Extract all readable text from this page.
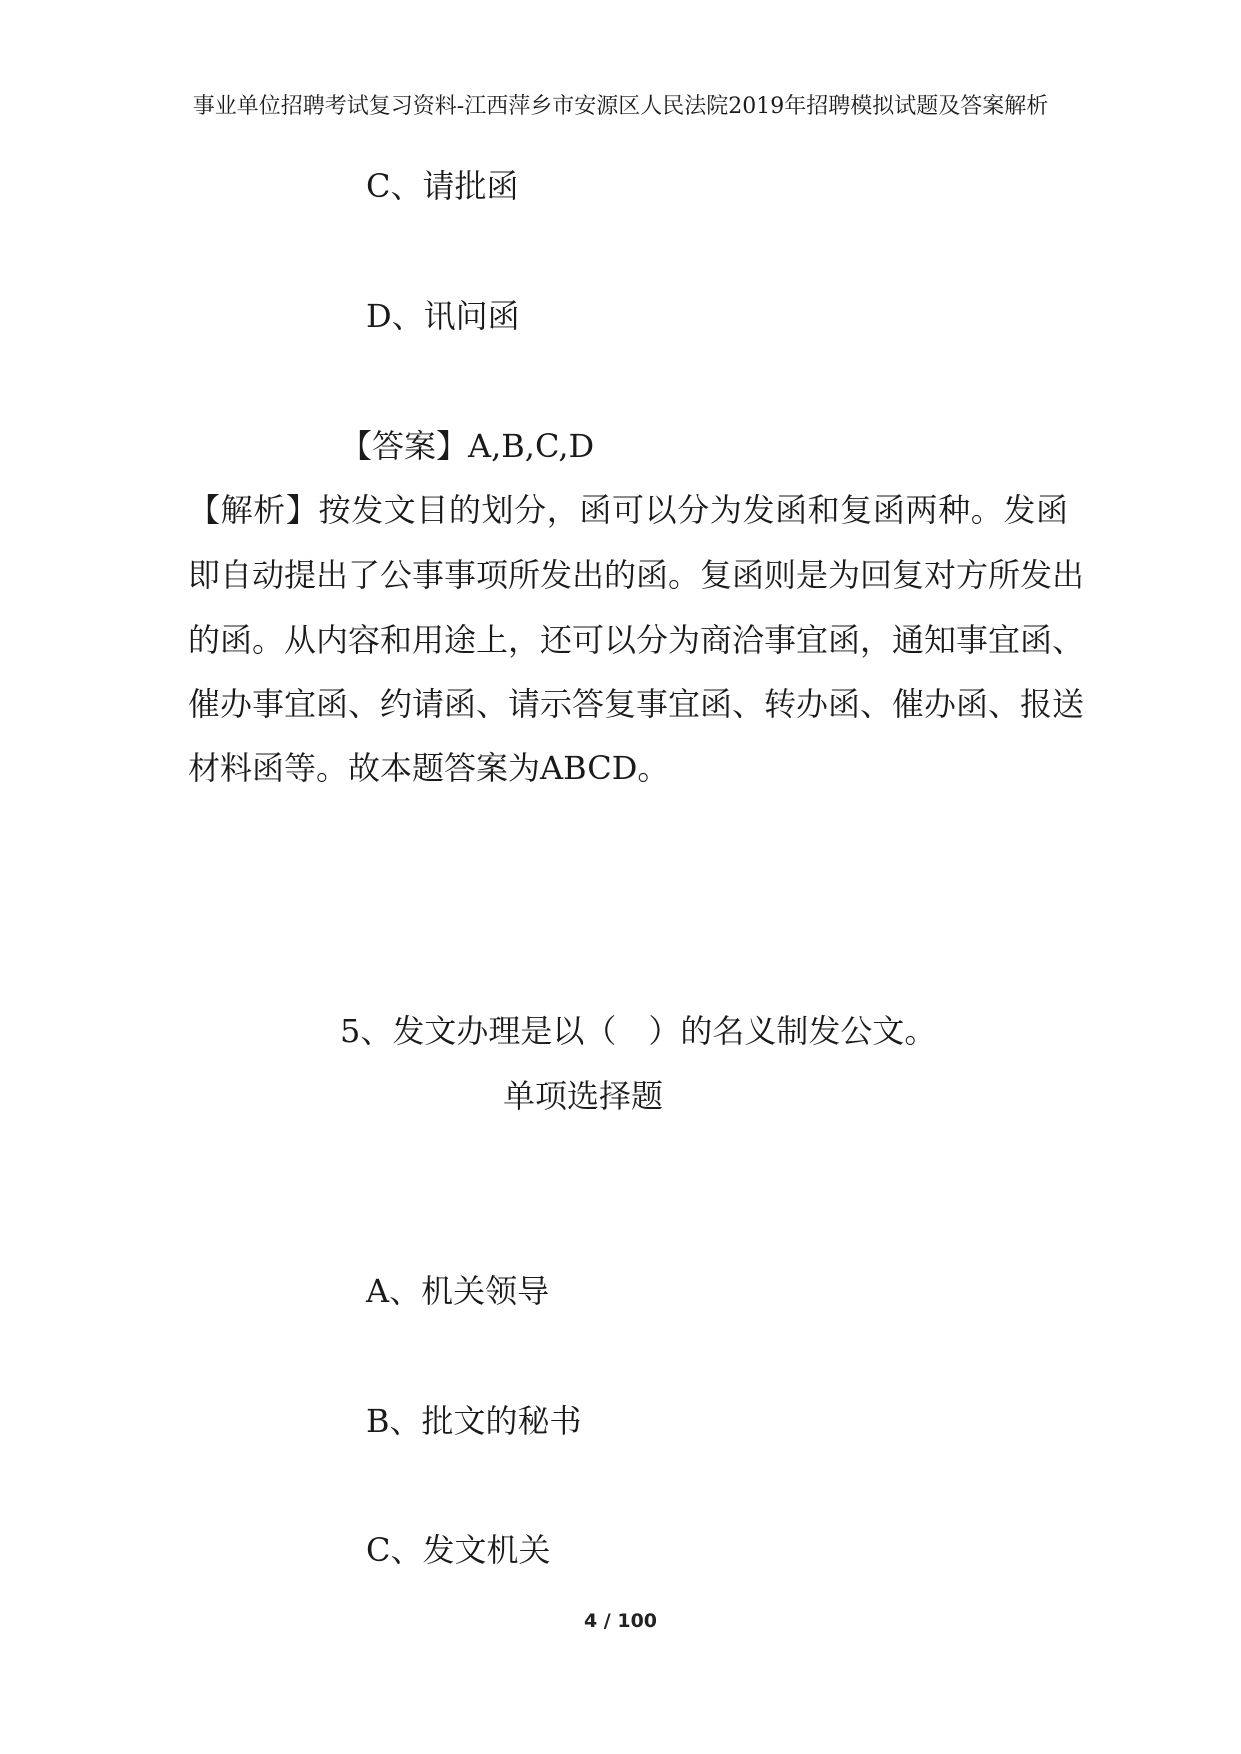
事业单位招聘考试复习资料-江西萍乡市安源区人民法院2019年招聘模拟试题及答案解析
C、请批函
D、讯问函
【答案】A,B,C,D
【解析】按发文目的划分，函可以分为发函和复函两种。发函
即自动提出了公事事项所发出的函。复函则是为回复对方所发出
的函。从内容和用途上，还可以分为商洽事宜函，通知事宜函、
催办事宜函、约请函、请示答复事宜函、转办函、催办函、报送
材料函等。故本题答案为ABCD。
5、发文办理是以（　）的名义制发公文。
单项选择题
A、机关领导
B、批文的秘书
C、发文机关
4 / 100
